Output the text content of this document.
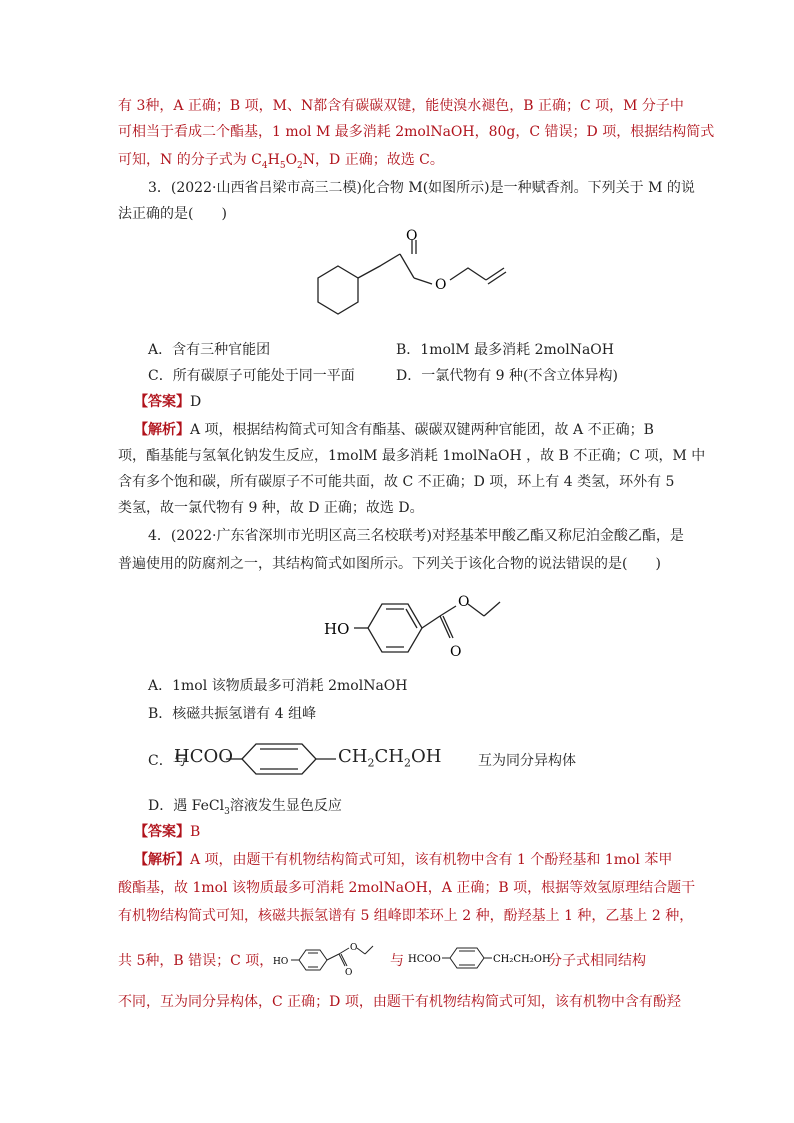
有 3种，A 正确；B 项，M、N都含有碳碳双键，能使溴水褪色，B 正确；C 项，M 分子中
可相当于看成二个酯基，1 mol M 最多消耗 2molNaOH，80g，C 错误；D 项，根据结构简式
可知，N 的分子式为 $C_4H_5O_2N$，D 正确；故选 C。
3．(2022·山西省吕梁市高三二模)化合物 M(如图所示)是一种赋香剂。下列关于 M 的说
法正确的是(　　)
O
O
A．含有三种官能团	B．1molM 最多消耗 2molNaOH
C．所有碳原子可能处于同一平面	D．一氯代物有 9 种(不含立体异构)
【答案】D
【解析】A 项，根据结构简式可知含有酯基、碳碳双键两种官能团，故 A 不正确；B
项，酯基能与氢氧化钠发生反应，1molM 最多消耗 1molNaOH ，故 B 不正确；C 项，M 中
含有多个饱和碳，所有碳原子不可能共面，故 C 不正确；D 项，环上有 4 类氢，环外有 5
类氢，故一氯代物有 9 种，故 D 正确；故选 D。
4．(2022·广东省深圳市光明区高三名校联考)对羟基苯甲酸乙酯又称尼泊金酸乙酯，是
普遍使用的防腐剂之一，其结构简式如图所示。下列关于该化合物的说法错误的是(　　)
HO
O
O
A．1mol 该物质最多可消耗 2molNaOH
B．核磁共振氢谱有 4 组峰
C．与
HCOO	$CH_2CH_2OH$	互为同分异构体
D．遇 FeCl$_3$溶液发生显色反应
【答案】B
【解析】A 项，由题干有机物结构简式可知，该有机物中含有 1 个酚羟基和 1mol 苯甲
酸酯基，故 1mol 该物质最多可消耗 2molNaOH，A 正确；B 项，根据等效氢原理结合题干
有机物结构简式可知，核磁共振氢谱有 5 组峰即苯环上 2 种，酚羟基上 1 种，乙基上 2 种，
共 5种，B 错误；C 项， HO
O
O
与 HCOO	CH₂CH₂OH
分子式相同结构
不同，互为同分异构体，C 正确；D 项，由题干有机物结构简式可知，该有机物中含有酚羟
